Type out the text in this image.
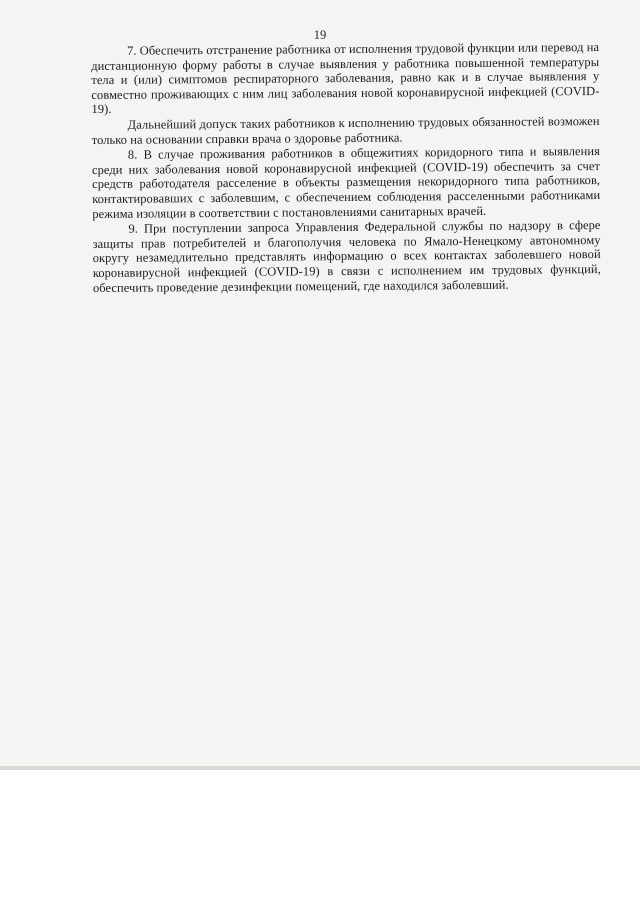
19

7. Обеспечить отстранение работника от исполнения трудовой функции или перевод на дистанционную форму работы в случае выявления у работника повышенной температуры тела и (или) симптомов респираторного заболевания, равно как и в случае выявления у совместно проживающих с ним лиц заболевания новой коронавирусной инфекцией (COVID-19).

Дальнейший допуск таких работников к исполнению трудовых обязанностей возможен только на основании справки врача о здоровье работника.

8. В случае проживания работников в общежитиях коридорного типа и выявления среди них заболевания новой коронавирусной инфекцией (COVID-19) обеспечить за счет средств работодателя расселение в объекты размещения некоридорного типа работников, контактировавших с заболевшим, с обеспечением соблюдения расселенными работниками режима изоляции в соответствии с постановлениями санитарных врачей.

9. При поступлении запроса Управления Федеральной службы по надзору в сфере защиты прав потребителей и благополучия человека по Ямало-Ненецкому автономному округу незамедлительно представлять информацию о всех контактах заболевшего новой коронавирусной инфекцией (COVID-19) в связи с исполнением им трудовых функций, обеспечить проведение дезинфекции помещений, где находился заболевший.
